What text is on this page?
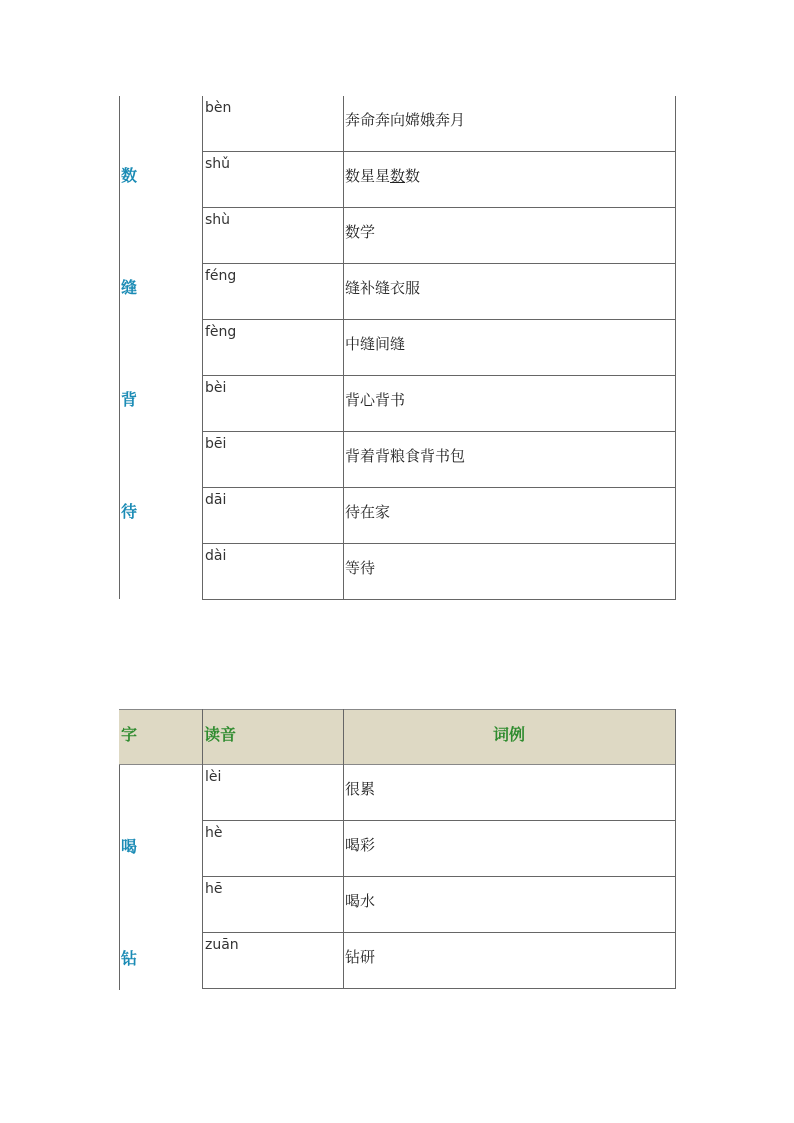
数
缝
背
待
bèn
奔命奔向嫦娥奔月
shǔ
数星星数数
shù
数学
féng
缝补缝衣服
fèng
中缝间缝
bèi
背心背书
bēi
背着背粮食背书包
dāi
待在家
dài
等待
字	读音	词例
喝
钻
lèi
很累
hè
喝彩
hē
喝水
zuān
钻研
